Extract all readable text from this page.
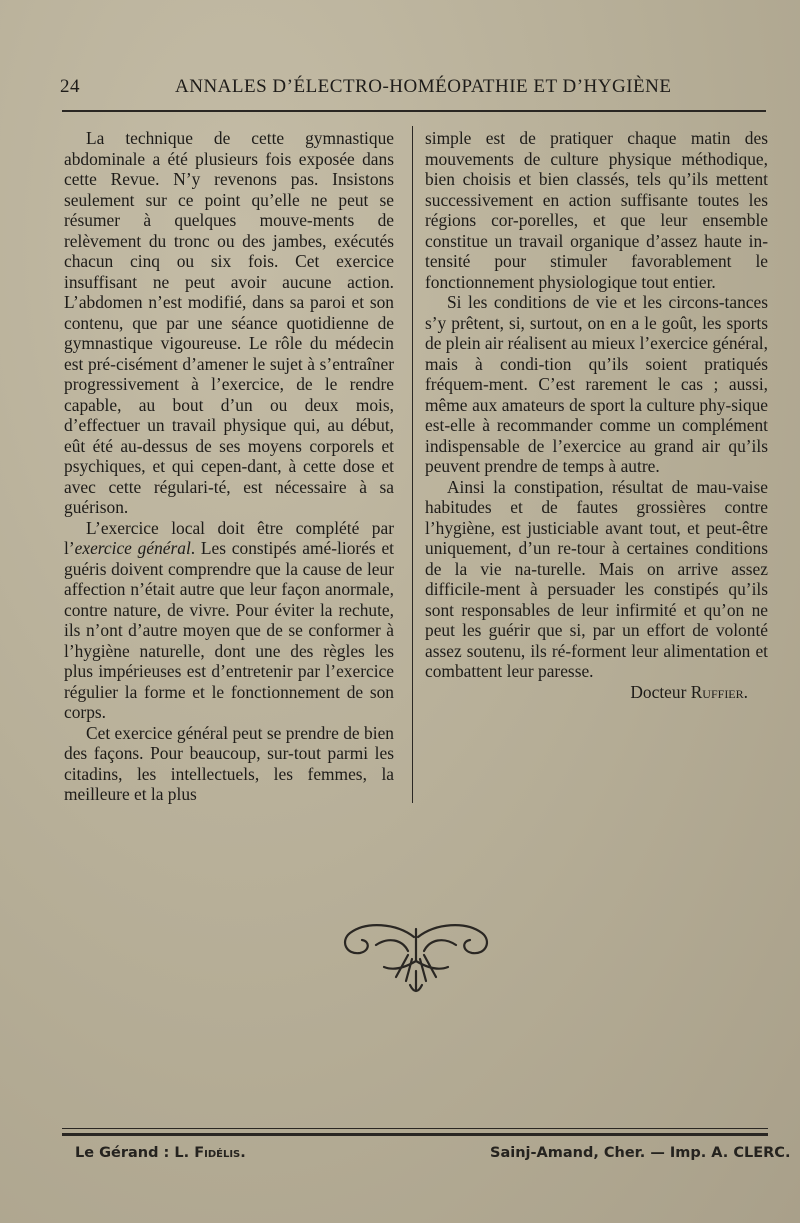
24	ANNALES D’ÉLECTRO-HOMÉOPATHIE ET D’HYGIÈNE

La technique de cette gymnastique abdominale a été plusieurs fois exposée dans cette Revue. N’y revenons pas. Insistons seulement sur ce point qu’elle ne peut se résumer à quelques mouve-ments de relèvement du tronc ou des jambes, exécutés chacun cinq ou six fois. Cet exercice insuffisant ne peut avoir aucune action. L’abdomen n’est modifié, dans sa paroi et son contenu, que par une séance quotidienne de gymnastique vigoureuse. Le rôle du médecin est pré-cisément d’amener le sujet à s’entraîner progressivement à l’exercice, de le rendre capable, au bout d’un ou deux mois, d’effectuer un travail physique qui, au début, eût été au-dessus de ses moyens corporels et psychiques, et qui cepen-dant, à cette dose et avec cette régulari-té, est nécessaire à sa guérison.

L’exercice local doit être complété par l’exercice général. Les constipés amé-liorés et guéris doivent comprendre que la cause de leur affection n’était autre que leur façon anormale, contre nature, de vivre. Pour éviter la rechute, ils n’ont d’autre moyen que de se conformer à l’hygiène naturelle, dont une des règles les plus impérieuses est d’entretenir par l’exercice régulier la forme et le fonctionnement de son corps.

Cet exercice général peut se prendre de bien des façons. Pour beaucoup, sur-tout parmi les citadins, les intellectuels, les femmes, la meilleure et la plus

simple est de pratiquer chaque matin des mouvements de culture physique méthodique, bien choisis et bien classés, tels qu’ils mettent successivement en action suffisante toutes les régions cor-porelles, et que leur ensemble constitue un travail organique d’assez haute in-tensité pour stimuler favorablement le fonctionnement physiologique tout entier.

Si les conditions de vie et les circons-tances s’y prêtent, si, surtout, on en a le goût, les sports de plein air réalisent au mieux l’exercice général, mais à condi-tion qu’ils soient pratiqués fréquem-ment. C’est rarement le cas ; aussi, même aux amateurs de sport la culture phy-sique est-elle à recommander comme un complément indispensable de l’exercice au grand air qu’ils peuvent prendre de temps à autre.

Ainsi la constipation, résultat de mau-vaise habitudes et de fautes grossières contre l’hygiène, est justiciable avant tout, et peut-être uniquement, d’un re-tour à certaines conditions de la vie na-turelle. Mais on arrive assez difficile-ment à persuader les constipés qu’ils sont responsables de leur infirmité et qu’on ne peut les guérir que si, par un effort de volonté assez soutenu, ils ré-forment leur alimentation et combattent leur paresse.

Docteur Ruffier.

Le Gérand : L. Fidélis.	Sainj-Amand, Cher. — Imp. A. CLERC.
